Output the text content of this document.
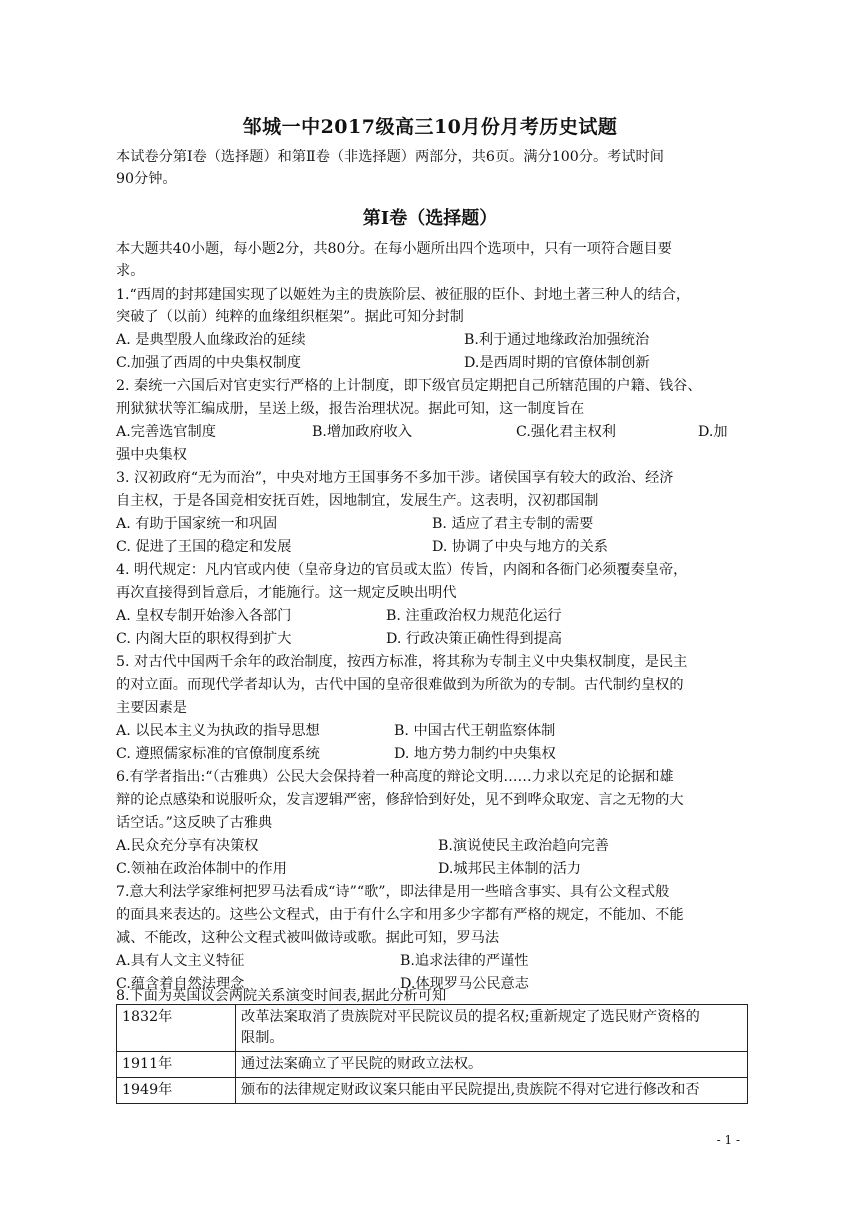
邹城一中2017级高三10月份月考历史试题
本试卷分第Ⅰ卷（选择题）和第Ⅱ卷（非选择题）两部分，共6页。满分100分。考试时间
90分钟。
第Ⅰ卷（选择题）
本大题共40小题，每小题2分，共80分。在每小题所出四个选项中，只有一项符合题目要
求。
1.“西周的封邦建国实现了以姬姓为主的贵族阶层、被征服的臣仆、封地土著三种人的结合，
突破了（以前）纯粹的血缘组织框架”。据此可知分封制
A. 是典型殷人血缘政治的延续	B.利于通过地缘政治加强统治
C.加强了西周的中央集权制度	D.是西周时期的官僚体制创新
2. 秦统一六国后对官吏实行严格的上计制度，即下级官员定期把自己所辖范围的户籍、钱谷、
刑狱狱状等汇编成册，呈送上级，报告治理状况。据此可知，这一制度旨在
A.完善选官制度	B.增加政府收入	C.强化君主权利	D.加
强中央集权
3. 汉初政府“无为而治”，中央对地方王国事务不多加干涉。诸侯国享有较大的政治、经济
自主权，于是各国竞相安抚百姓，因地制宜，发展生产。这表明，汉初郡国制
A. 有助于国家统一和巩固	B. 适应了君主专制的需要
C. 促进了王国的稳定和发展	D. 协调了中央与地方的关系
4. 明代规定：凡内官或内使（皇帝身边的官员或太监）传旨，内阁和各衙门必须覆奏皇帝，
再次直接得到旨意后，才能施行。这一规定反映出明代
A. 皇权专制开始渗入各部门	B. 注重政治权力规范化运行
C. 内阁大臣的职权得到扩大	D. 行政决策正确性得到提高
5. 对古代中国两千余年的政治制度，按西方标准，将其称为专制主义中央集权制度，是民主
的对立面。而现代学者却认为，古代中国的皇帝很难做到为所欲为的专制。古代制约皇权的
主要因素是
A. 以民本主义为执政的指导思想	B. 中国古代王朝监察体制
C. 遵照儒家标准的官僚制度系统	D. 地方势力制约中央集权
6.有学者指出:“（古雅典）公民大会保持着一种高度的辩论文明……力求以充足的论据和雄
辩的论点感染和说服听众，发言逻辑严密，修辞恰到好处，见不到哗众取宠、言之无物的大
话空话。”这反映了古雅典
A.民众充分享有决策权	B.演说使民主政治趋向完善
C.领袖在政治体制中的作用	D.城邦民主体制的活力
7.意大利法学家维柯把罗马法看成“诗”“歌”，即法律是用一些暗含事实、具有公文程式般
的面具来表达的。这些公文程式，由于有什么字和用多少字都有严格的规定，不能加、不能
减、不能改，这种公文程式被叫做诗或歌。据此可知，罗马法
A.具有人文主义特征	B.追求法律的严谨性
C.蕴含着自然法理念	D.体现罗马公民意志
8.下面为英国议会两院关系演变时间表,据此分析可知
1832年	改革法案取消了贵族院对平民院议员的提名权;重新规定了选民财产资格的
限制。

1911年	通过法案确立了平民院的财政立法权。

1949年	颁布的法律规定财政议案只能由平民院提出,贵族院不得对它进行修改和否
- 1 -
